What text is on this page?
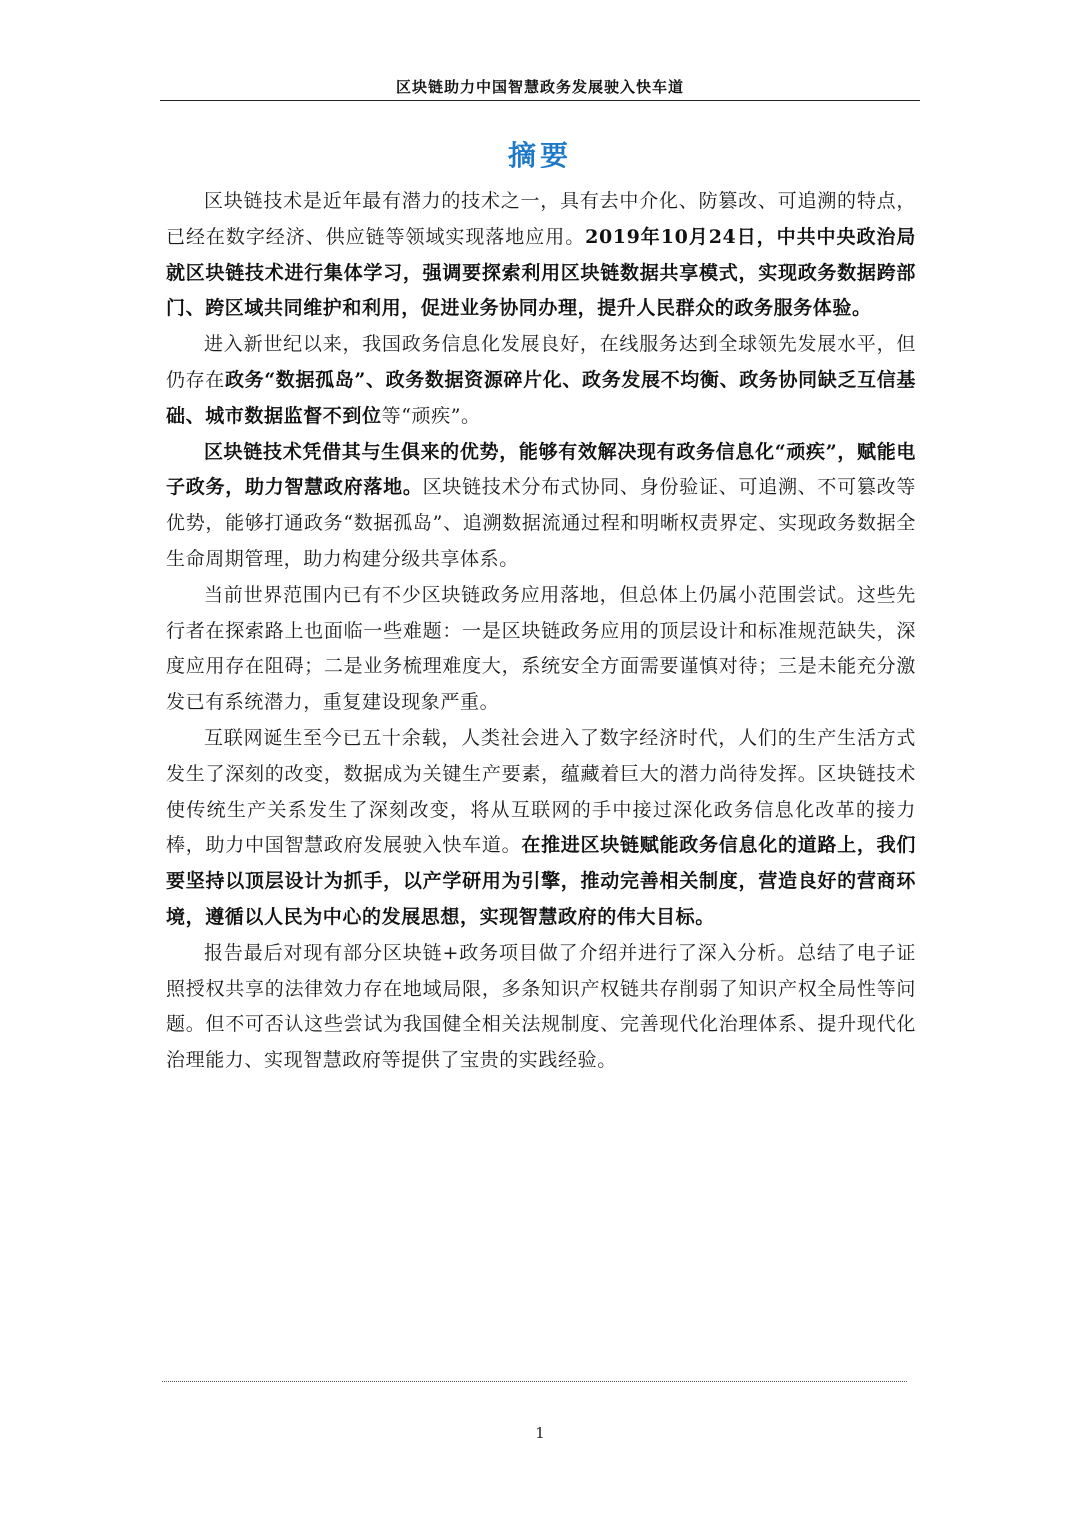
区块链助力中国智慧政务发展驶入快车道
摘要

区块链技术是近年最有潜力的技术之一，具有去中介化、防篡改、可追溯的特点，已经在数字经济、供应链等领域实现落地应用。2019年10月24日，中共中央政治局就区块链技术进行集体学习，强调要探索利用区块链数据共享模式，实现政务数据跨部门、跨区域共同维护和利用，促进业务协同办理，提升人民群众的政务服务体验。

进入新世纪以来，我国政务信息化发展良好，在线服务达到全球领先发展水平，但仍存在政务“数据孤岛”、政务数据资源碎片化、政务发展不均衡、政务协同缺乏互信基础、城市数据监督不到位等“顽疾”。

区块链技术凭借其与生俱来的优势，能够有效解决现有政务信息化“顽疾”，赋能电子政务，助力智慧政府落地。区块链技术分布式协同、身份验证、可追溯、不可篡改等优势，能够打通政务“数据孤岛”、追溯数据流通过程和明晰权责界定、实现政务数据全生命周期管理，助力构建分级共享体系。

当前世界范围内已有不少区块链政务应用落地，但总体上仍属小范围尝试。这些先行者在探索路上也面临一些难题：一是区块链政务应用的顶层设计和标准规范缺失，深度应用存在阻碍；二是业务梳理难度大，系统安全方面需要谨慎对待；三是未能充分激发已有系统潜力，重复建设现象严重。

互联网诞生至今已五十余载，人类社会进入了数字经济时代，人们的生产生活方式发生了深刻的改变，数据成为关键生产要素，蕴藏着巨大的潜力尚待发挥。区块链技术使传统生产关系发生了深刻改变，将从互联网的手中接过深化政务信息化改革的接力棒，助力中国智慧政府发展驶入快车道。在推进区块链赋能政务信息化的道路上，我们要坚持以顶层设计为抓手，以产学研用为引擎，推动完善相关制度，营造良好的营商环境，遵循以人民为中心的发展思想，实现智慧政府的伟大目标。

报告最后对现有部分区块链+政务项目做了介绍并进行了深入分析。总结了电子证照授权共享的法律效力存在地域局限，多条知识产权链共存削弱了知识产权全局性等问题。但不可否认这些尝试为我国健全相关法规制度、完善现代化治理体系、提升现代化治理能力、实现智慧政府等提供了宝贵的实践经验。

1
